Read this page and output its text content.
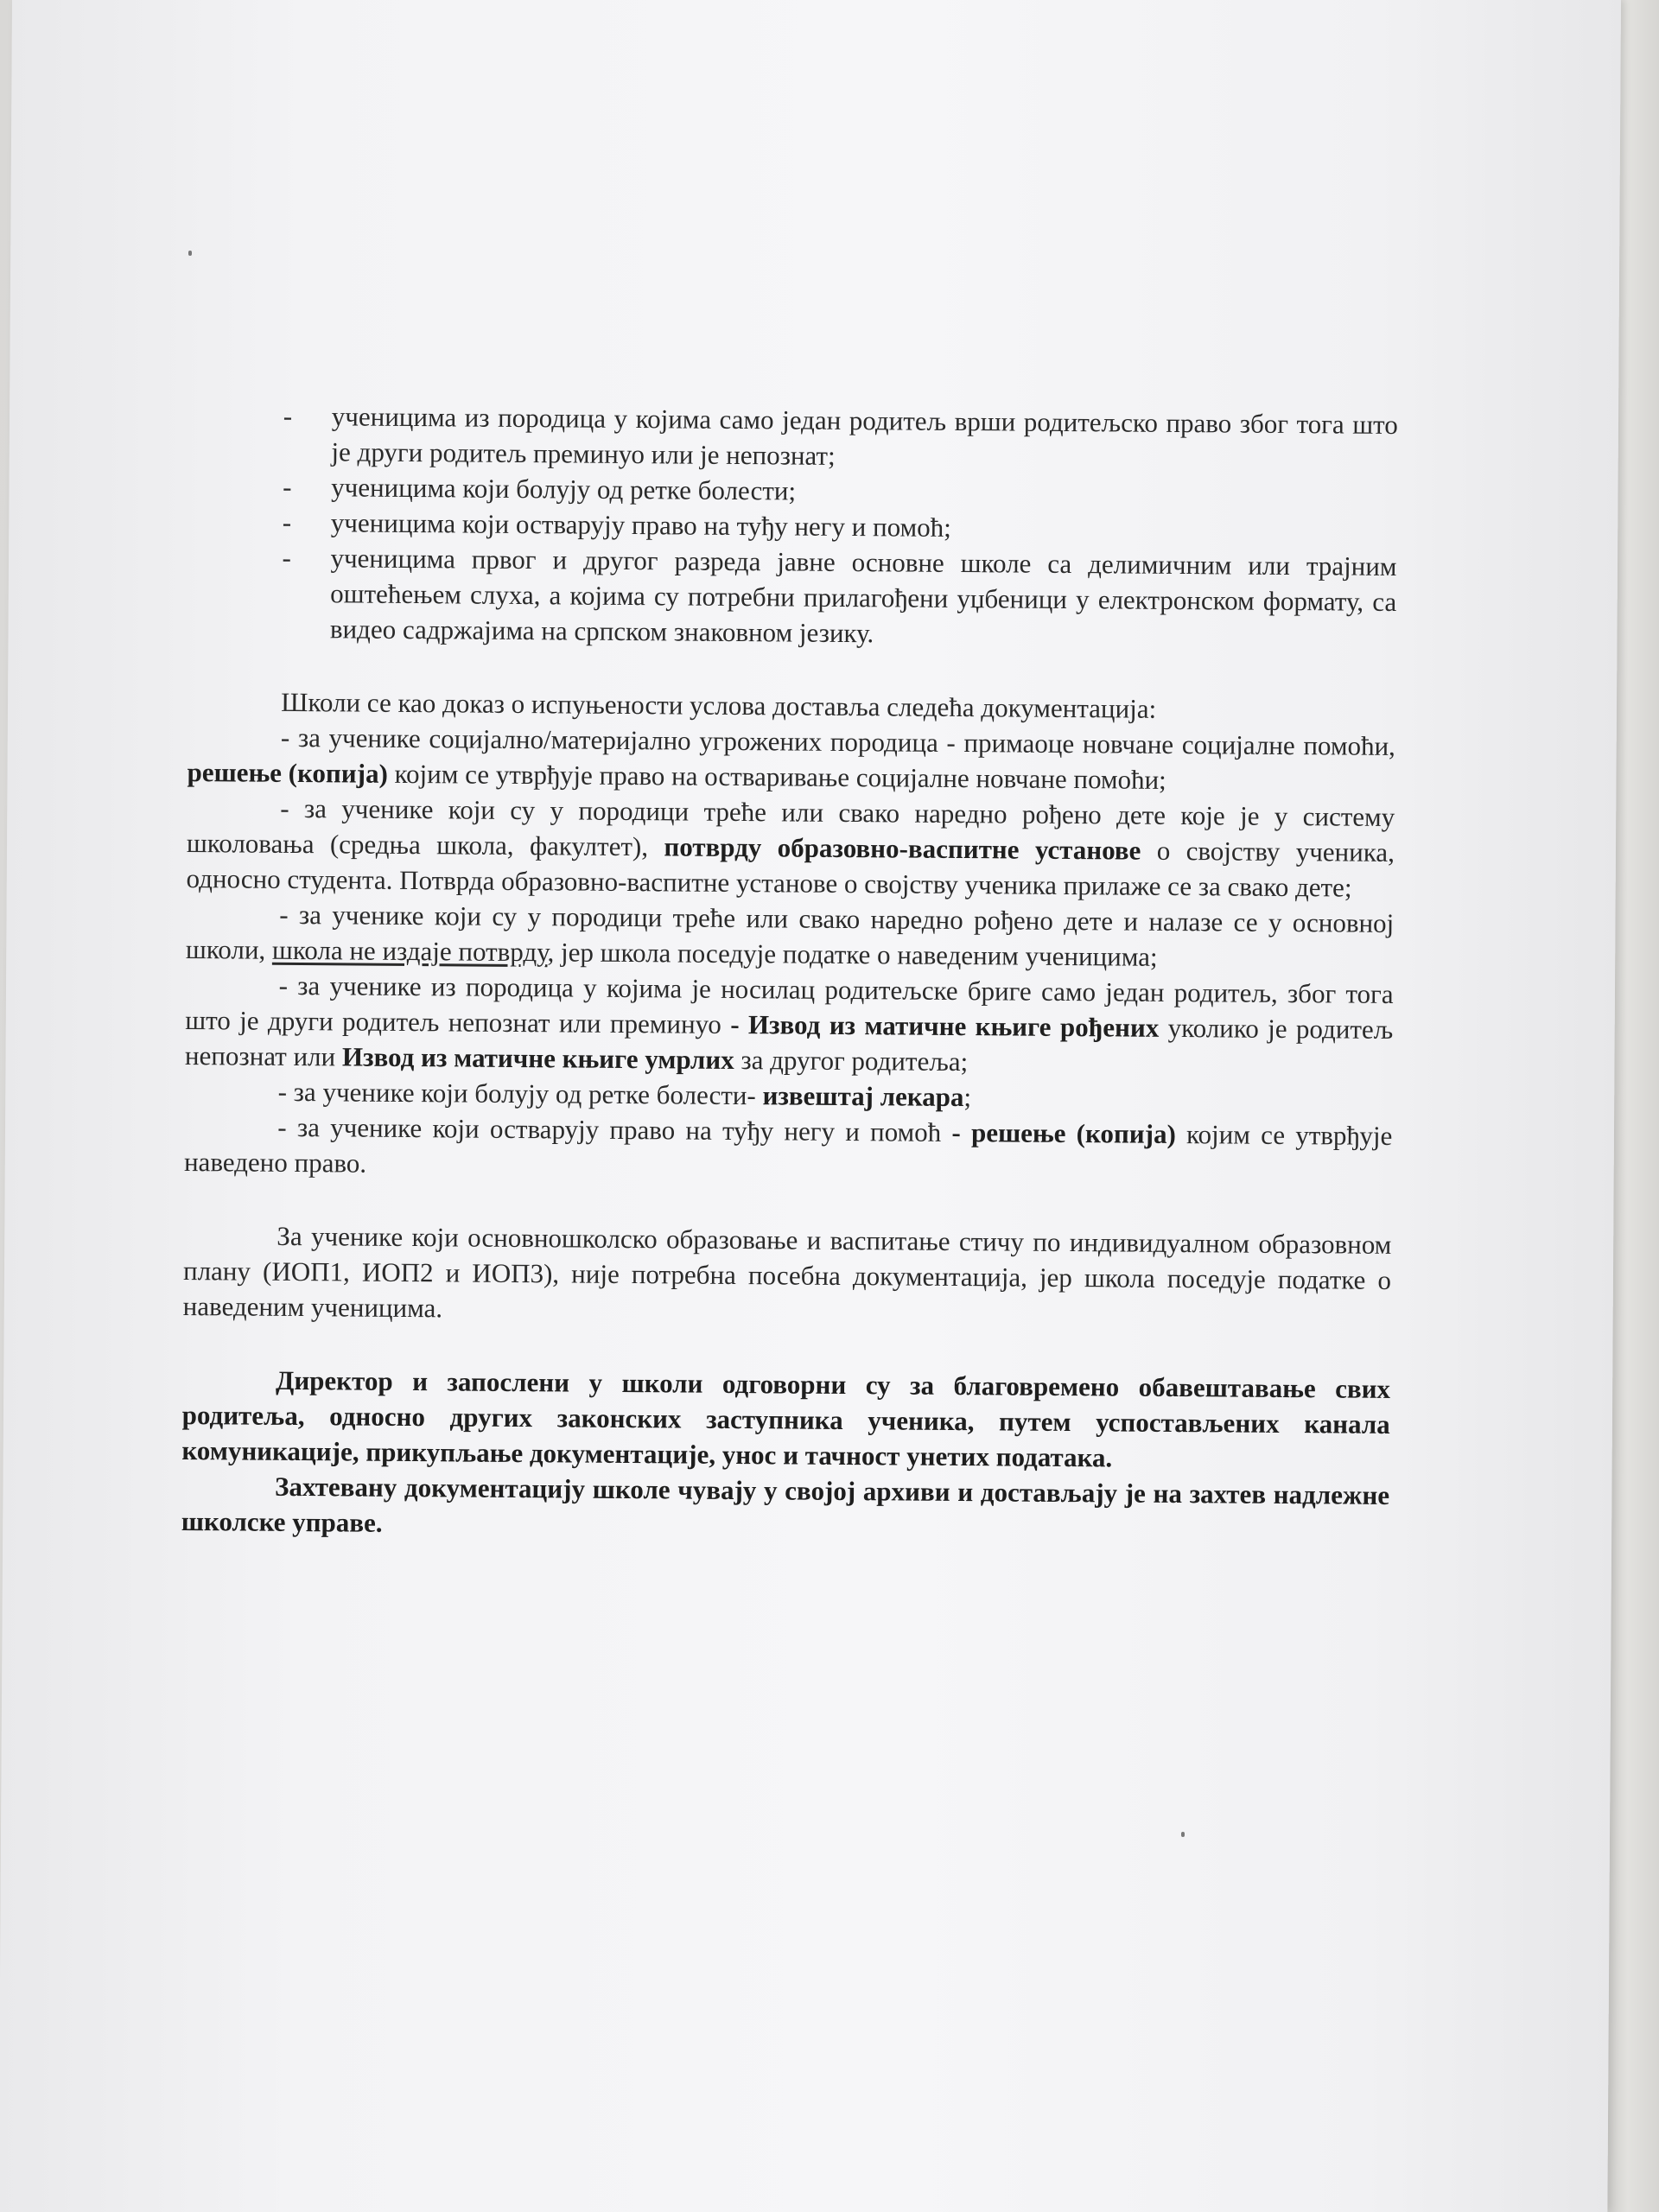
- ученицима из породица у којима само један родитељ врши родитељско право због тога што је други родитељ преминуо или је непознат;
- ученицима који болују од ретке болести;
- ученицима који остварују право на туђу негу и помоћ;
- ученицима првог и другог разреда јавне основне школе са делимичним или трајним оштећењем слуха, а којима су потребни прилагођени уџбеници у електронском формату, са видео садржајима на српском знаковном језику.

Школи се као доказ о испуњености услова доставља следећа документација:

- за ученике социјално/материјално угрожених породица - примаоце новчане социјалне помоћи, решење (копија) којим се утврђује право на остваривање социјалне новчане помоћи;

- за ученике који су у породици треће или свако наредно рођено дете које је у систему школовања (средња школа, факултет), потврду образовно-васпитне установе о својству ученика, односно студента. Потврда образовно-васпитне установе о својству ученика прилаже се за свако дете;

- за ученике који су у породици треће или свако наредно рођено дете и налазе се у основној школи, школа не издаје потврду, јер школа поседује податке о наведеним ученицима;

- за ученике из породица у којима је носилац родитељске бриге само један родитељ, због тога што је други родитељ непознат или преминуо - Извод из матичне књиге рођених уколико је родитељ непознат или Извод из матичне књиге умрлих за другог родитеља;

- за ученике који болују од ретке болести- извештај лекара;

- за ученике који остварују право на туђу негу и помоћ - решење (копија) којим се утврђује наведено право.

За ученике који основношколско образовање и васпитање стичу по индивидуалном образовном плану (ИОП1, ИОП2 и ИОП3), није потребна посебна документација, јер школа поседује податке о наведеним ученицима.

Директор и запослени у школи одговорни су за благовремено обавештавање свих родитеља, односно других законских заступника ученика, путем успостављених канала комуникације, прикупљање документације, унос и тачност унетих података.

Захтевану документацију школе чувају у својој архиви и достављају је на захтев надлежне школске управе.
